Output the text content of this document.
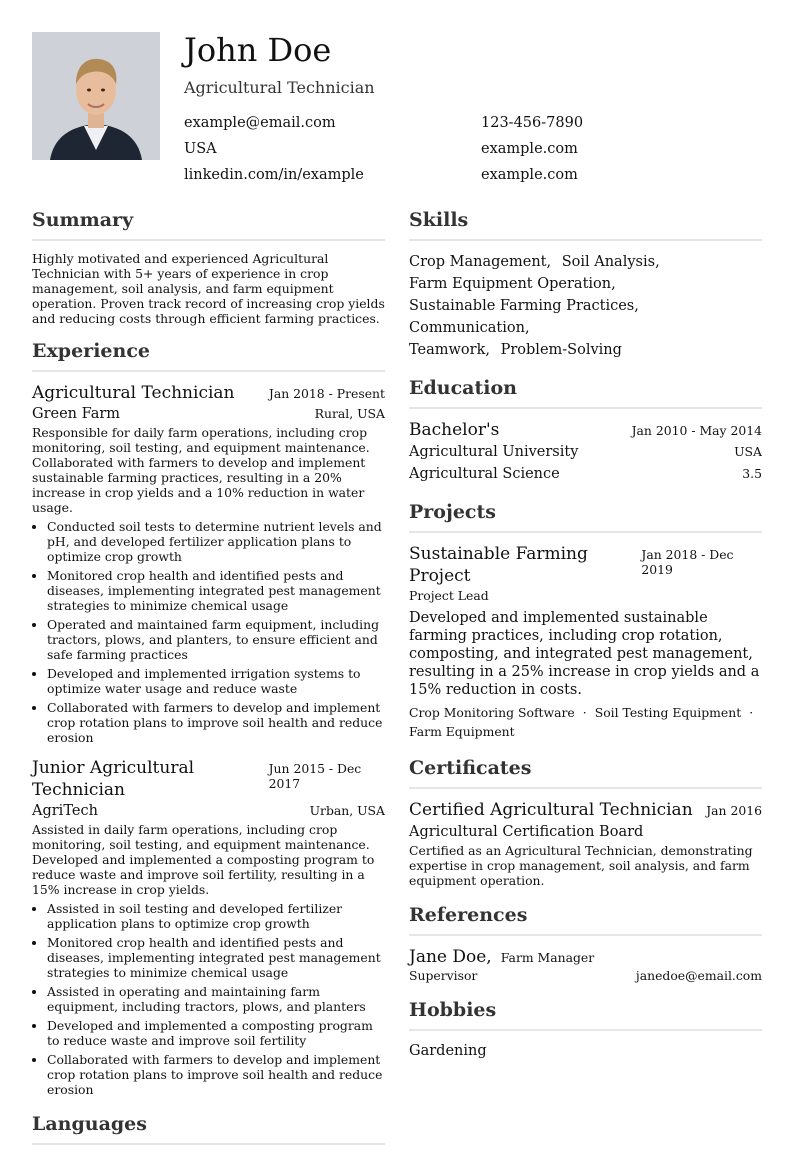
John Doe
Agricultural Technician
example@email.com	123-456-7890
USA	example.com
linkedin.com/in/example	example.com
Summary
Highly motivated and experienced Agricultural Technician with 5+ years of experience in crop management, soil analysis, and farm equipment operation. Proven track record of increasing crop yields and reducing costs through efficient farming practices.
Experience
Agricultural Technician	Jan 2018 - Present
Green Farm	Rural, USA
Responsible for daily farm operations, including crop monitoring, soil testing, and equipment maintenance. Collaborated with farmers to develop and implement sustainable farming practices, resulting in a 20% increase in crop yields and a 10% reduction in water usage.
• Conducted soil tests to determine nutrient levels and pH, and developed fertilizer application plans to optimize crop growth
• Monitored crop health and identified pests and diseases, implementing integrated pest management strategies to minimize chemical usage
• Operated and maintained farm equipment, including tractors, plows, and planters, to ensure efficient and safe farming practices
• Developed and implemented irrigation systems to optimize water usage and reduce waste
• Collaborated with farmers to develop and implement crop rotation plans to improve soil health and reduce erosion
Junior Agricultural Technician
Jun 2015 - Dec 2017
AgriTech	Urban, USA
Assisted in daily farm operations, including crop monitoring, soil testing, and equipment maintenance. Developed and implemented a composting program to reduce waste and improve soil fertility, resulting in a 15% increase in crop yields.
• Assisted in soil testing and developed fertilizer application plans to optimize crop growth
• Monitored crop health and identified pests and diseases, implementing integrated pest management strategies to minimize chemical usage
• Assisted in operating and maintaining farm equipment, including tractors, plows, and planters
• Developed and implemented a composting program to reduce waste and improve soil fertility
• Collaborated with farmers to develop and implement crop rotation plans to improve soil health and reduce erosion
Languages
Skills
Crop Management, Soil Analysis,
Farm Equipment Operation,
Sustainable Farming Practices, Communication,
Teamwork, Problem-Solving
Education
Bachelor's	Jan 2010 - May 2014
Agricultural University	USA
Agricultural Science	3.5
Projects
Sustainable Farming Project
Jan 2018 - Dec 2019
Project Lead
Developed and implemented sustainable farming practices, including crop rotation, composting, and integrated pest management, resulting in a 25% increase in crop yields and a 15% reduction in costs.
Crop Monitoring Software · Soil Testing Equipment ·
Farm Equipment
Certificates
Certified Agricultural Technician Jan 2016
Agricultural Certification Board
Certified as an Agricultural Technician, demonstrating expertise in crop management, soil analysis, and farm equipment operation.
References
Jane Doe, Farm Manager
Supervisor	janedoe@email.com
Hobbies
Gardening
